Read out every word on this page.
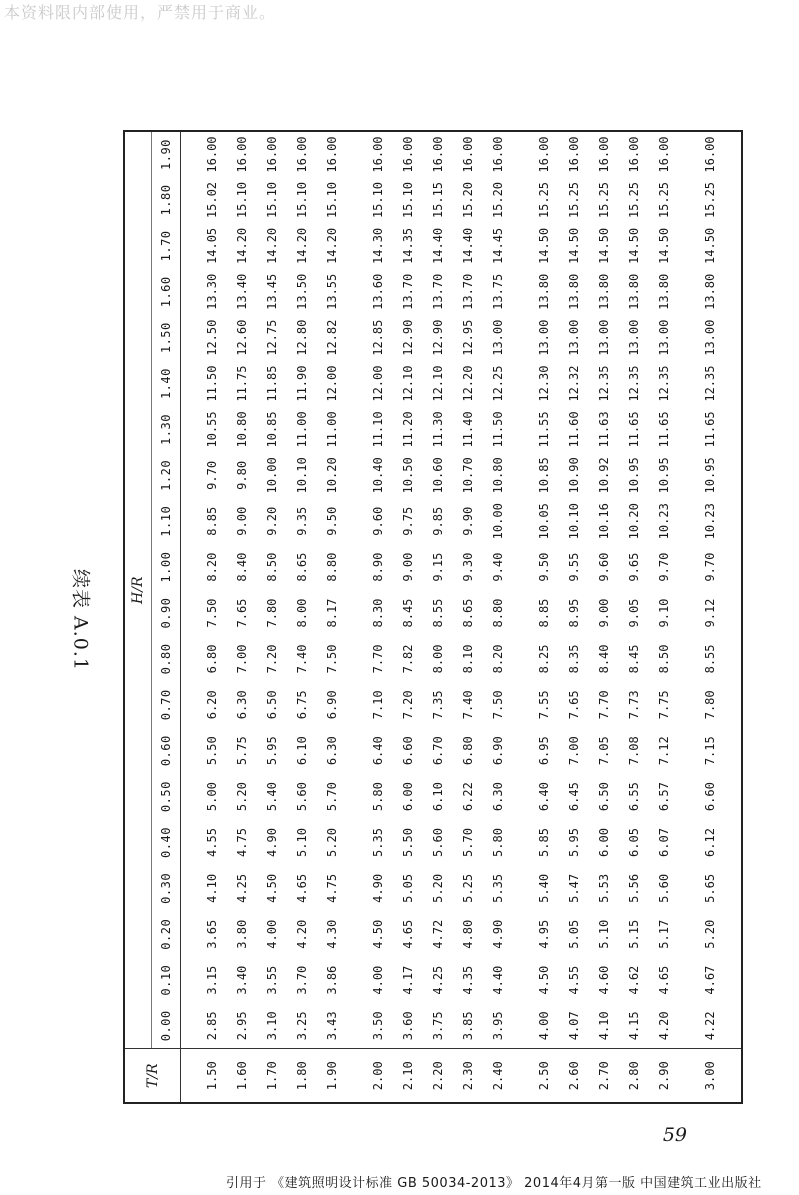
本资料限内部使用，严禁用于商业。
续表 A.0.1
T/R	H/R																			
	0.00	0.10	0.20	0.30	0.40	0.50	0.60	0.70	0.80	0.90	1.00	1.10	1.20	1.30	1.40	1.50	1.60	1.70	1.80	1.90

1.50	2.85	3.15	3.65	4.10	4.55	5.00	5.50	6.20	6.80	7.50	8.20	8.85	9.70	10.55	11.50	12.50	13.30	14.05	15.02	16.00
1.60	2.95	3.40	3.80	4.25	4.75	5.20	5.75	6.30	7.00	7.65	8.40	9.00	9.80	10.80	11.75	12.60	13.40	14.20	15.10	16.00
1.70	3.10	3.55	4.00	4.50	4.90	5.40	5.95	6.50	7.20	7.80	8.50	9.20	10.00	10.85	11.85	12.75	13.45	14.20	15.10	16.00
1.80	3.25	3.70	4.20	4.65	5.10	5.60	6.10	6.75	7.40	8.00	8.65	9.35	10.10	11.00	11.90	12.80	13.50	14.20	15.10	16.00
1.90	3.43	3.86	4.30	4.75	5.20	5.70	6.30	6.90	7.50	8.17	8.80	9.50	10.20	11.00	12.00	12.82	13.55	14.20	15.10	16.00

2.00	3.50	4.00	4.50	4.90	5.35	5.80	6.40	7.10	7.70	8.30	8.90	9.60	10.40	11.10	12.00	12.85	13.60	14.30	15.10	16.00
2.10	3.60	4.17	4.65	5.05	5.50	6.00	6.60	7.20	7.82	8.45	9.00	9.75	10.50	11.20	12.10	12.90	13.70	14.35	15.10	16.00
2.20	3.75	4.25	4.72	5.20	5.60	6.10	6.70	7.35	8.00	8.55	9.15	9.85	10.60	11.30	12.10	12.90	13.70	14.40	15.15	16.00
2.30	3.85	4.35	4.80	5.25	5.70	6.22	6.80	7.40	8.10	8.65	9.30	9.90	10.70	11.40	12.20	12.95	13.70	14.40	15.20	16.00
2.40	3.95	4.40	4.90	5.35	5.80	6.30	6.90	7.50	8.20	8.80	9.40	10.00	10.80	11.50	12.25	13.00	13.75	14.45	15.20	16.00

2.50	4.00	4.50	4.95	5.40	5.85	6.40	6.95	7.55	8.25	8.85	9.50	10.05	10.85	11.55	12.30	13.00	13.80	14.50	15.25	16.00
2.60	4.07	4.55	5.05	5.47	5.95	6.45	7.00	7.65	8.35	8.95	9.55	10.10	10.90	11.60	12.32	13.00	13.80	14.50	15.25	16.00
2.70	4.10	4.60	5.10	5.53	6.00	6.50	7.05	7.70	8.40	9.00	9.60	10.16	10.92	11.63	12.35	13.00	13.80	14.50	15.25	16.00
2.80	4.15	4.62	5.15	5.56	6.05	6.55	7.08	7.73	8.45	9.05	9.65	10.20	10.95	11.65	12.35	13.00	13.80	14.50	15.25	16.00
2.90	4.20	4.65	5.17	5.60	6.07	6.57	7.12	7.75	8.50	9.10	9.70	10.23	10.95	11.65	12.35	13.00	13.80	14.50	15.25	16.00

3.00	4.22	4.67	5.20	5.65	6.12	6.60	7.15	7.80	8.55	9.12	9.70	10.23	10.95	11.65	12.35	13.00	13.80	14.50	15.25	16.00

59
引用于 《建筑照明设计标准 GB 50034-2013》 2014年4月第一版 中国建筑工业出版社
